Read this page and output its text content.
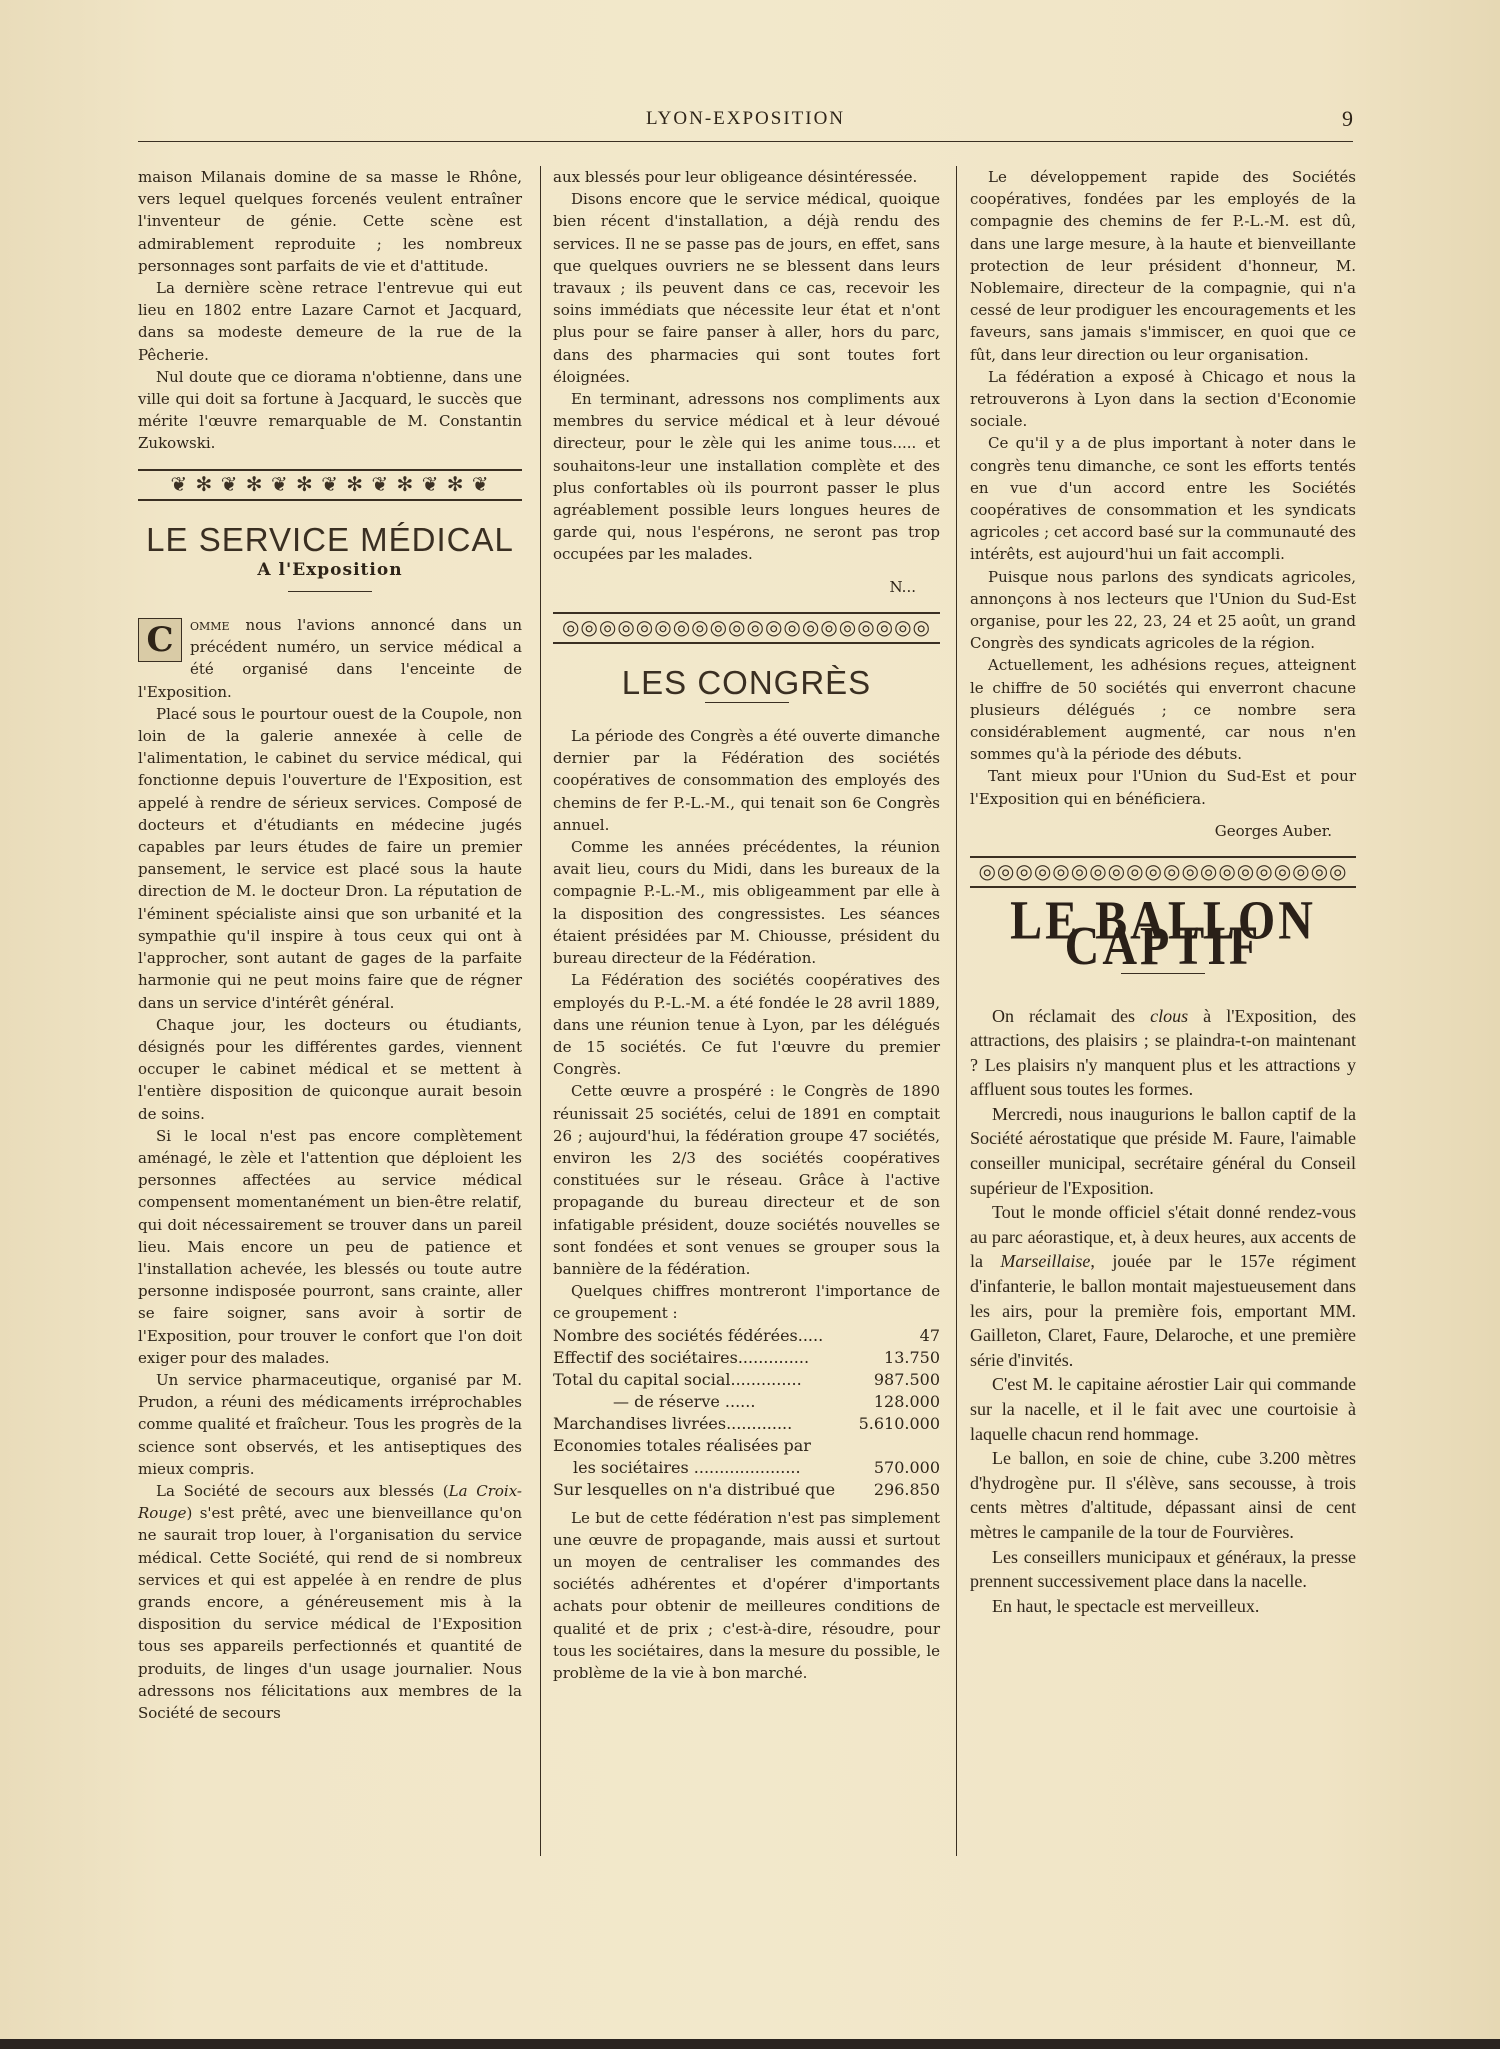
LYON-EXPOSITION	9

maison Milanais domine de sa masse le Rhône, vers lequel quelques forcenés veulent entraîner l'inventeur de génie. Cette scène est admirablement reproduite ; les nombreux personnages sont parfaits de vie et d'attitude.

La dernière scène retrace l'entrevue qui eut lieu en 1802 entre Lazare Carnot et Jacquard, dans sa modeste demeure de la rue de la Pêcherie.

Nul doute que ce diorama n'obtienne, dans une ville qui doit sa fortune à Jacquard, le succès que mérite l'œuvre remarquable de M. Constantin Zukowski.

❦ ✻ ❦ ✻ ❦ ✻ ❦ ✻ ❦ ✻ ❦ ✻ ❦
LE SERVICE MÉDICAL
A l'Exposition

C	omme nous l'avions annoncé dans un précédent numéro, un service médical a été organisé dans l'enceinte de l'Exposition.

Placé sous le pourtour ouest de la Coupole, non loin de la galerie annexée à celle de l'alimentation, le cabinet du service médical, qui fonctionne depuis l'ouverture de l'Exposition, est appelé à rendre de sérieux services. Composé de docteurs et d'étudiants en médecine jugés capables par leurs études de faire un premier pansement, le service est placé sous la haute direction de M. le docteur Dron. La réputation de l'éminent spécialiste ainsi que son urbanité et la sympathie qu'il inspire à tous ceux qui ont à l'approcher, sont autant de gages de la parfaite harmonie qui ne peut moins faire que de régner dans un service d'intérêt général.

Chaque jour, les docteurs ou étudiants, désignés pour les différentes gardes, viennent occuper le cabinet médical et se mettent à l'entière disposition de quiconque aurait besoin de soins.

Si le local n'est pas encore complètement aménagé, le zèle et l'attention que déploient les personnes affectées au service médical compensent momentanément un bien-être relatif, qui doit nécessairement se trouver dans un pareil lieu. Mais encore un peu de patience et l'installation achevée, les blessés ou toute autre personne indisposée pourront, sans crainte, aller se faire soigner, sans avoir à sortir de l'Exposition, pour trouver le confort que l'on doit exiger pour des malades.

Un service pharmaceutique, organisé par M. Prudon, a réuni des médicaments irréprochables comme qualité et fraîcheur. Tous les progrès de la science sont observés, et les antiseptiques des mieux compris.

La Société de secours aux blessés (La Croix-Rouge) s'est prêté, avec une bienveillance qu'on ne saurait trop louer, à l'organisation du service médical. Cette Société, qui rend de si nombreux services et qui est appelée à en rendre de plus grands encore, a généreusement mis à la disposition du service médical de l'Exposition tous ses appareils perfectionnés et quantité de produits, de linges d'un usage journalier. Nous adressons nos félicitations aux membres de la Société de secours

aux blessés pour leur obligeance désintéressée.

Disons encore que le service médical, quoique bien récent d'installation, a déjà rendu des services. Il ne se passe pas de jours, en effet, sans que quelques ouvriers ne se blessent dans leurs travaux ; ils peuvent dans ce cas, recevoir les soins immédiats que nécessite leur état et n'ont plus pour se faire panser à aller, hors du parc, dans des pharmacies qui sont toutes fort éloignées.

En terminant, adressons nos compliments aux membres du service médical et à leur dévoué directeur, pour le zèle qui les anime tous..... et souhaitons-leur une installation complète et des plus confortables où ils pourront passer le plus agréablement possible leurs longues heures de garde qui, nous l'espérons, ne seront pas trop occupées par les malades.

N...
◎◎◎◎◎◎◎◎◎◎◎◎◎◎◎◎◎◎◎◎
LES CONGRÈS

La période des Congrès a été ouverte dimanche dernier par la Fédération des sociétés coopératives de consommation des employés des chemins de fer P.-L.-M., qui tenait son 6e Congrès annuel.

Comme les années précédentes, la réunion avait lieu, cours du Midi, dans les bureaux de la compagnie P.-L.-M., mis obligeamment par elle à la disposition des congressistes. Les séances étaient présidées par M. Chiousse, président du bureau directeur de la Fédération.

La Fédération des sociétés coopératives des employés du P.-L.-M. a été fondée le 28 avril 1889, dans une réunion tenue à Lyon, par les délégués de 15 sociétés. Ce fut l'œuvre du premier Congrès.

Cette œuvre a prospéré : le Congrès de 1890 réunissait 25 sociétés, celui de 1891 en comptait 26 ; aujourd'hui, la fédération groupe 47 sociétés, environ les 2/3 des sociétés coopératives constituées sur le réseau. Grâce à l'active propagande du bureau directeur et de son infatigable président, douze sociétés nouvelles se sont fondées et sont venues se grouper sous la bannière de la fédération.

Quelques chiffres montreront l'importance de ce groupement :

Nombre des sociétés fédérées.....	47
Effectif des sociétaires..............	13.750
Total du capital social..............	987.500
— de réserve ......	128.000
Marchandises livrées.............	5.610.000
Economies totales réalisées par	
les sociétaires .....................	570.000
Sur lesquelles on n'a distribué que	296.850

Le but de cette fédération n'est pas simplement une œuvre de propagande, mais aussi et surtout un moyen de centraliser les commandes des sociétés adhérentes et d'opérer d'importants achats pour obtenir de meilleures conditions de qualité et de prix ; c'est-à-dire, résoudre, pour tous les sociétaires, dans la mesure du possible, le problème de la vie à bon marché.

Le développement rapide des Sociétés coopératives, fondées par les employés de la compagnie des chemins de fer P.-L.-M. est dû, dans une large mesure, à la haute et bienveillante protection de leur président d'honneur, M. Noblemaire, directeur de la compagnie, qui n'a cessé de leur prodiguer les encouragements et les faveurs, sans jamais s'immiscer, en quoi que ce fût, dans leur direction ou leur organisation.

La fédération a exposé à Chicago et nous la retrouverons à Lyon dans la section d'Economie sociale.

Ce qu'il y a de plus important à noter dans le congrès tenu dimanche, ce sont les efforts tentés en vue d'un accord entre les Sociétés coopératives de consommation et les syndicats agricoles ; cet accord basé sur la communauté des intérêts, est aujourd'hui un fait accompli.

Puisque nous parlons des syndicats agricoles, annonçons à nos lecteurs que l'Union du Sud-Est organise, pour les 22, 23, 24 et 25 août, un grand Congrès des syndicats agricoles de la région.

Actuellement, les adhésions reçues, atteignent le chiffre de 50 sociétés qui enverront chacune plusieurs délégués ; ce nombre sera considérablement augmenté, car nous n'en sommes qu'à la période des débuts.

Tant mieux pour l'Union du Sud-Est et pour l'Exposition qui en bénéficiera.

Georges Auber.
◎◎◎◎◎◎◎◎◎◎◎◎◎◎◎◎◎◎◎◎
LE BALLON CAPTIF

On réclamait des clous à l'Exposition, des attractions, des plaisirs ; se plaindra-t-on maintenant ? Les plaisirs n'y manquent plus et les attractions y affluent sous toutes les formes.

Mercredi, nous inaugurions le ballon captif de la Société aérostatique que préside M. Faure, l'aimable conseiller municipal, secrétaire général du Conseil supérieur de l'Exposition.

Tout le monde officiel s'était donné rendez-vous au parc aéorastique, et, à deux heures, aux accents de la Marseillaise, jouée par le 157e régiment d'infanterie, le ballon montait majestueusement dans les airs, pour la première fois, emportant MM. Gailleton, Claret, Faure, Delaroche, et une première série d'invités.

C'est M. le capitaine aérostier Lair qui commande sur la nacelle, et il le fait avec une courtoisie à laquelle chacun rend hommage.

Le ballon, en soie de chine, cube 3.200 mètres d'hydrogène pur. Il s'élève, sans secousse, à trois cents mètres d'altitude, dépassant ainsi de cent mètres le campanile de la tour de Fourvières.

Les conseillers municipaux et généraux, la presse prennent successivement place dans la nacelle.

En haut, le spectacle est merveilleux.
